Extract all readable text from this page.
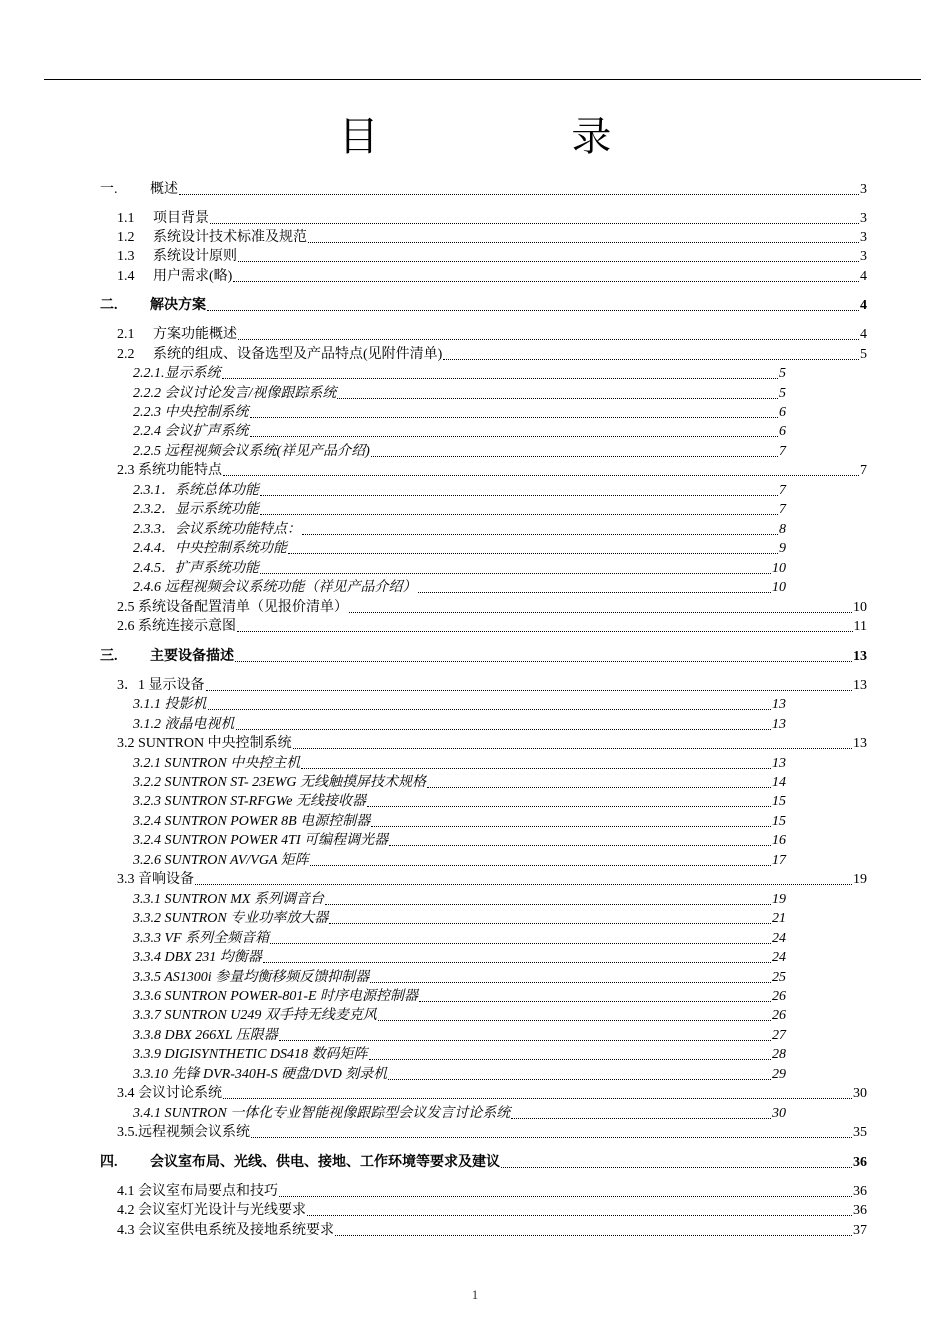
目 录
一.	概述	3
1.1	项目背景	3
1.2	系统设计技术标准及规范	3
1.3	系统设计原则	3
1.4	用户需求(略)	4
二.	解决方案	4
2.1	方案功能概述	4
2.2	系统的组成、设备选型及产品特点(见附件清单)	5
2.2.1.显示系统	5
2.2.2 会议讨论发言/视像跟踪系统	5
2.2.3 中央控制系统	6
2.2.4 会议扩声系统	6
2.2.5 远程视频会议系统(祥见产品介绍)	7
2.3 系统功能特点	7
2.3.1．系统总体功能	7
2.3.2．显示系统功能	7
2.3.3．会议系统功能特点：	8
2.4.4．中央控制系统功能	9
2.4.5．扩声系统功能	10
2.4.6 远程视频会议系统功能（祥见产品介绍）	10
2.5 系统设备配置清单（见报价清单）	10
2.6 系统连接示意图	11
三.	主要设备描述	13
3．1 显示设备	13
3.1.1 投影机	13
3.1.2 液晶电视机	13
3.2 SUNTRON 中央控制系统	13
3.2.1 SUNTRON 中央控主机	13
3.2.2 SUNTRON ST- 23EWG 无线触摸屏技术规格	14
3.2.3 SUNTRON ST-RFGWe 无线接收器	15
3.2.4 SUNTRON POWER 8B 电源控制器	15
3.2.4 SUNTRON POWER 4TI 可编程调光器	16
3.2.6 SUNTRON AV/VGA 矩阵	17
3.3 音响设备	19
3.3.1 SUNTRON MX 系列调音台	19
3.3.2 SUNTRON 专业功率放大器	21
3.3.3 VF 系列全频音箱	24
3.3.4 DBX 231 均衡器	24
3.3.5 AS1300i 参量均衡移频反馈抑制器	25
3.3.6 SUNTRON POWER-801-E 时序电源控制器	26
3.3.7 SUNTRON U249 双手持无线麦克风	26
3.3.8 DBX 266XL 压限器	27
3.3.9 DIGISYNTHETIC DS418 数码矩阵	28
3.3.10 先锋 DVR-340H-S 硬盘/DVD 刻录机	29
3.4 会议讨论系统	30
3.4.1 SUNTRON 一体化专业智能视像跟踪型会议发言讨论系统	30
3.5.远程视频会议系统	35
四.	会议室布局、光线、供电、接地、工作环境等要求及建议	36
4.1 会议室布局要点和技巧	36
4.2 会议室灯光设计与光线要求	36
4.3 会议室供电系统及接地系统要求	37
1
